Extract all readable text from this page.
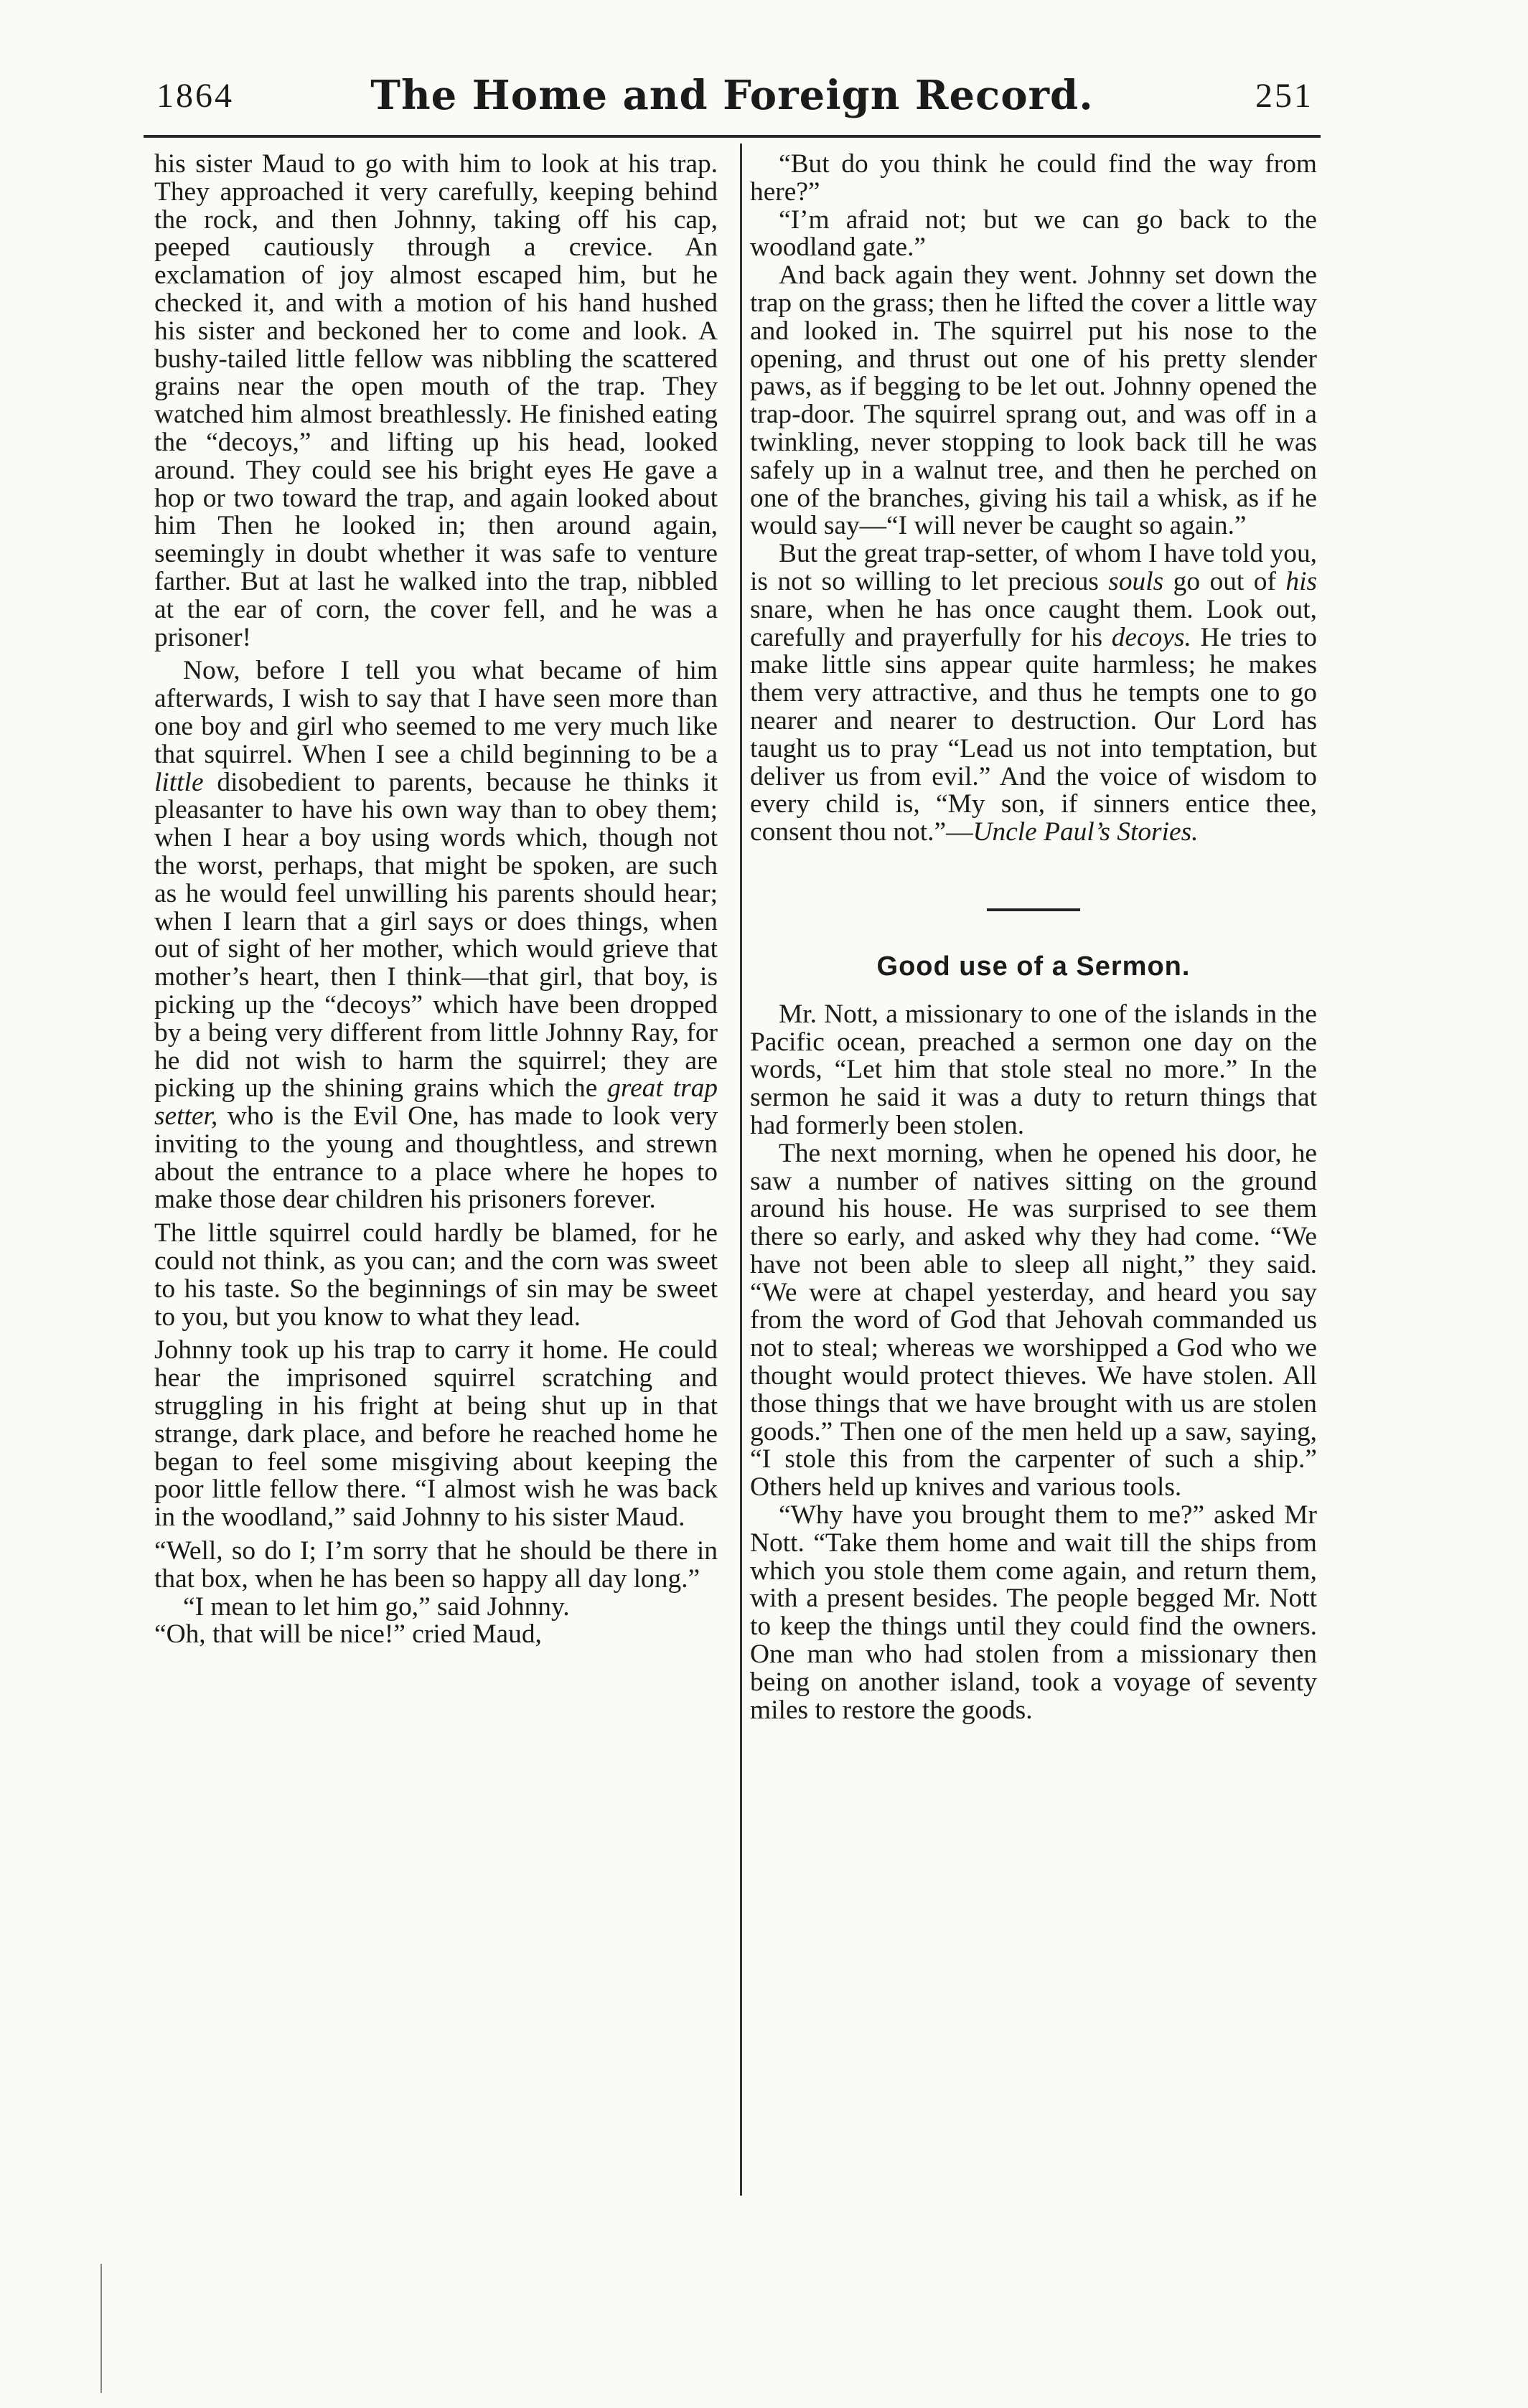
1864	The Home and Foreign Record.	251

his sister Maud to go with him to look at his trap. They approached it very carefully, keeping behind the rock, and then Johnny, taking off his cap, peeped cautiously through a crevice. An exclamation of joy almost escaped him, but he checked it, and with a motion of his hand hushed his sister and beckoned her to come and look. A bushy-tailed little fellow was nibbling the scattered grains near the open mouth of the trap. They watched him almost breathlessly. He finished eating the “decoys,” and lifting up his head, looked around. They could see his bright eyes He gave a hop or two toward the trap, and again looked about him Then he looked in; then around again, seemingly in doubt whether it was safe to venture farther. But at last he walked into the trap, nibbled at the ear of corn, the cover fell, and he was a prisoner!

Now, before I tell you what became of him afterwards, I wish to say that I have seen more than one boy and girl who seemed to me very much like that squirrel. When I see a child beginning to be a little disobedient to parents, because he thinks it pleasanter to have his own way than to obey them; when I hear a boy using words which, though not the worst, perhaps, that might be spoken, are such as he would feel unwilling his parents should hear; when I learn that a girl says or does things, when out of sight of her mother, which would grieve that mother’s heart, then I think—that girl, that boy, is picking up the “decoys” which have been dropped by a being very different from little Johnny Ray, for he did not wish to harm the squirrel; they are picking up the shining grains which the great trap setter, who is the Evil One, has made to look very inviting to the young and thoughtless, and strewn about the entrance to a place where he hopes to make those dear children his prisoners forever.

The little squirrel could hardly be blamed, for he could not think, as you can; and the corn was sweet to his taste. So the beginnings of sin may be sweet to you, but you know to what they lead.

Johnny took up his trap to carry it home. He could hear the imprisoned squirrel scratching and struggling in his fright at being shut up in that strange, dark place, and before he reached home he began to feel some misgiving about keeping the poor little fellow there. “I almost wish he was back in the woodland,” said Johnny to his sister Maud.

“Well, so do I; I’m sorry that he should be there in that box, when he has been so happy all day long.”

“I mean to let him go,” said Johnny.

“Oh, that will be nice!” cried Maud,

“But do you think he could find the way from here?”

“I’m afraid not; but we can go back to the woodland gate.”

And back again they went. Johnny set down the trap on the grass; then he lifted the cover a little way and looked in. The squirrel put his nose to the opening, and thrust out one of his pretty slender paws, as if begging to be let out. Johnny opened the trap-door. The squirrel sprang out, and was off in a twinkling, never stopping to look back till he was safely up in a walnut tree, and then he perched on one of the branches, giving his tail a whisk, as if he would say—“I will never be caught so again.”

But the great trap-setter, of whom I have told you, is not so willing to let precious souls go out of his snare, when he has once caught them. Look out, carefully and prayerfully for his decoys. He tries to make little sins appear quite harmless; he makes them very attractive, and thus he tempts one to go nearer and nearer to destruction. Our Lord has taught us to pray “Lead us not into temptation, but deliver us from evil.” And the voice of wisdom to every child is, “My son, if sinners entice thee, consent thou not.”—Uncle Paul’s Stories.

Good use of a Sermon.

Mr. Nott, a missionary to one of the islands in the Pacific ocean, preached a sermon one day on the words, “Let him that stole steal no more.” In the sermon he said it was a duty to return things that had formerly been stolen.

The next morning, when he opened his door, he saw a number of natives sitting on the ground around his house. He was surprised to see them there so early, and asked why they had come. “We have not been able to sleep all night,” they said. “We were at chapel yesterday, and heard you say from the word of God that Jehovah commanded us not to steal; whereas we worshipped a God who we thought would protect thieves. We have stolen. All those things that we have brought with us are stolen goods.” Then one of the men held up a saw, saying, “I stole this from the carpenter of such a ship.” Others held up knives and various tools.

“Why have you brought them to me?” asked Mr Nott. “Take them home and wait till the ships from which you stole them come again, and return them, with a present besides. The people begged Mr. Nott to keep the things until they could find the owners. One man who had stolen from a missionary then being on another island, took a voyage of seventy miles to restore the goods.
